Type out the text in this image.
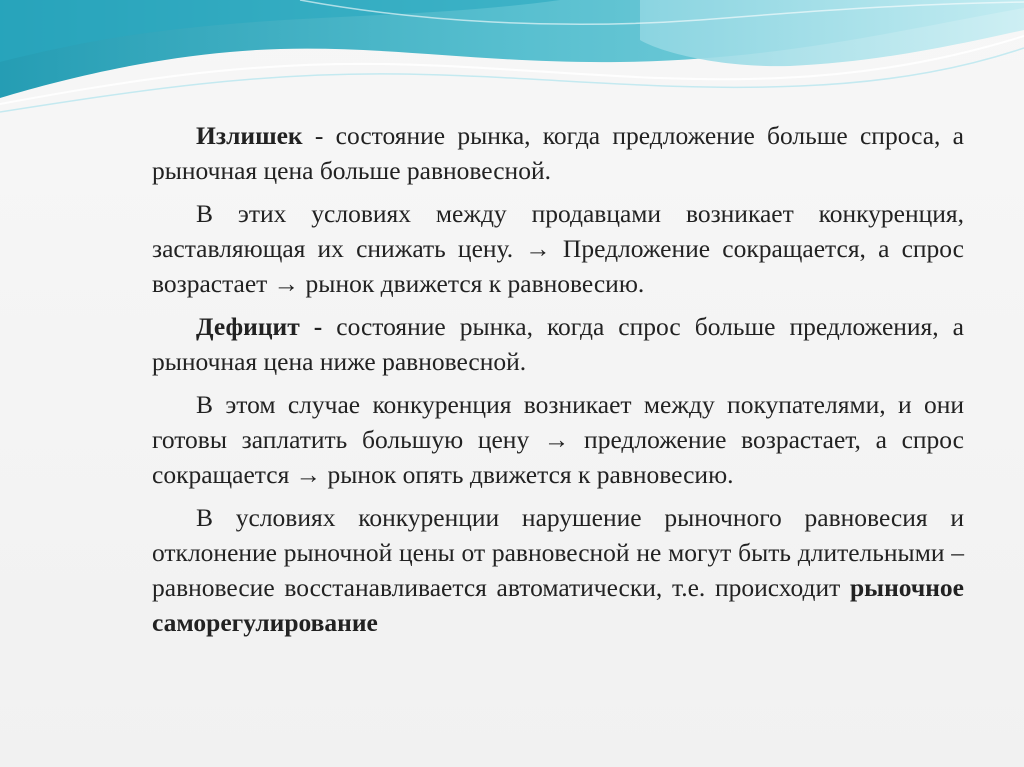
Излишек - состояние рынка, когда предложение больше спроса, а рыночная цена больше равновесной.

В этих условиях между продавцами возникает конкуренция, заставляющая их снижать цену. → Предложение сокращается, а спрос возрастает → рынок движется к равновесию.

Дефицит - состояние рынка, когда спрос больше предложения, а рыночная цена ниже равновесной.

В этом случае конкуренция возникает между покупателями, и они готовы заплатить большую цену → предложение возрастает, а спрос сокращается → рынок опять движется к равновесию.

В условиях конкуренции нарушение рыночного равновесия и отклонение рыночной цены от равновесной не могут быть длительными – равновесие восстанавливается автоматически, т.е. происходит рыночное саморегулирование
